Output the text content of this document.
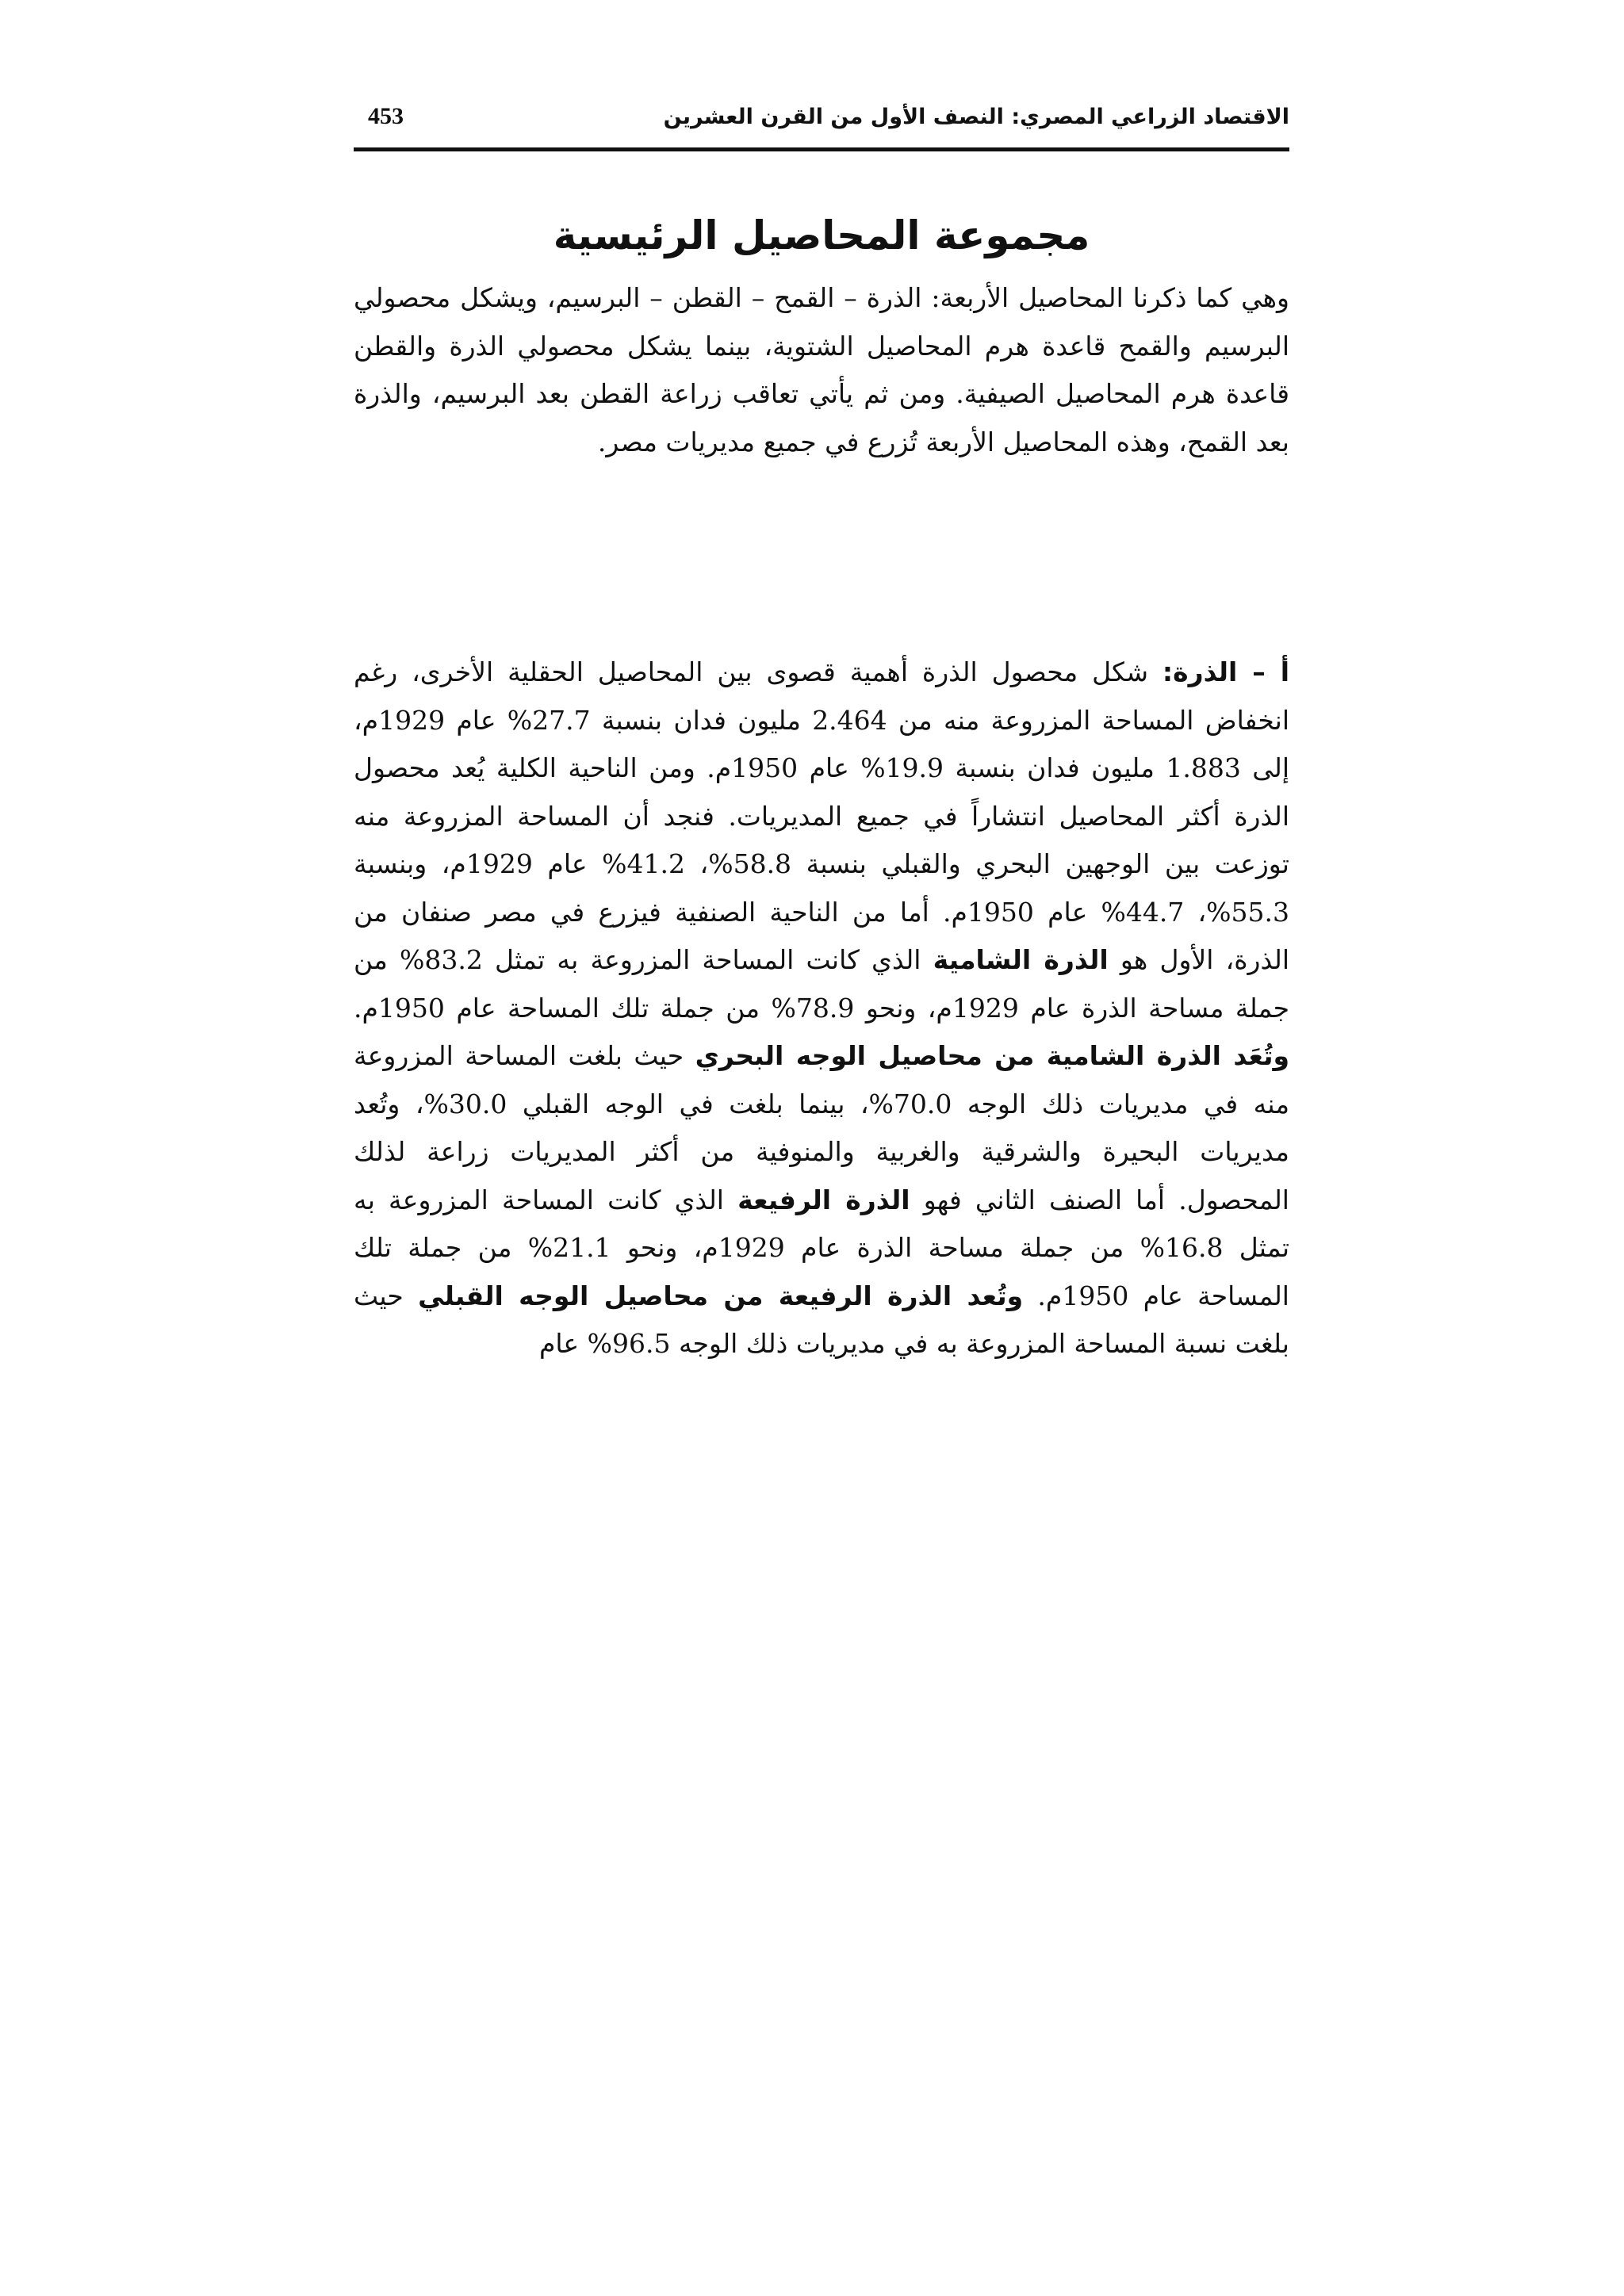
الاقتصاد الزراعي المصري: النصف الأول من القرن العشرين
453
مجموعة المحاصيل الرئيسية

وهي كما ذكرنا المحاصيل الأربعة: الذرة – القمح – القطن – البرسيم، ويشكل محصولي البرسيم والقمح قاعدة هرم المحاصيل الشتوية، بينما يشكل محصولي الذرة والقطن قاعدة هرم المحاصيل الصيفية. ومن ثم يأتي تعاقب زراعة القطن بعد البرسيم، والذرة بعد القمح، وهذه المحاصيل الأربعة تُزرع في جميع مديريات مصر.

أ – الذرة: شكل محصول الذرة أهمية قصوى بين المحاصيل الحقلية الأخرى، رغم انخفاض المساحة المزروعة منه من 2.464 مليون فدان بنسبة 27.7% عام 1929م، إلى 1.883 مليون فدان بنسبة 19.9% عام 1950م. ومن الناحية الكلية يُعد محصول الذرة أكثر المحاصيل انتشاراً في جميع المديريات. فنجد أن المساحة المزروعة منه توزعت بين الوجهين البحري والقبلي بنسبة 58.8%، 41.2% عام 1929م، وبنسبة 55.3%، 44.7% عام 1950م. أما من الناحية الصنفية فيزرع في مصر صنفان من الذرة، الأول هو الذرة الشامية الذي كانت المساحة المزروعة به تمثل 83.2% من جملة مساحة الذرة عام 1929م، ونحو 78.9% من جملة تلك المساحة عام 1950م. وتُعَد الذرة الشامية من محاصيل الوجه البحري حيث بلغت المساحة المزروعة منه في مديريات ذلك الوجه 70.0%، بينما بلغت في الوجه القبلي 30.0%، وتُعد مديريات البحيرة والشرقية والغربية والمنوفية من أكثر المديريات زراعة لذلك المحصول. أما الصنف الثاني فهو الذرة الرفيعة الذي كانت المساحة المزروعة به تمثل 16.8% من جملة مساحة الذرة عام 1929م، ونحو 21.1% من جملة تلك المساحة عام 1950م. وتُعد الذرة الرفيعة من محاصيل الوجه القبلي حيث بلغت نسبة المساحة المزروعة به في مديريات ذلك الوجه 96.5% عام
